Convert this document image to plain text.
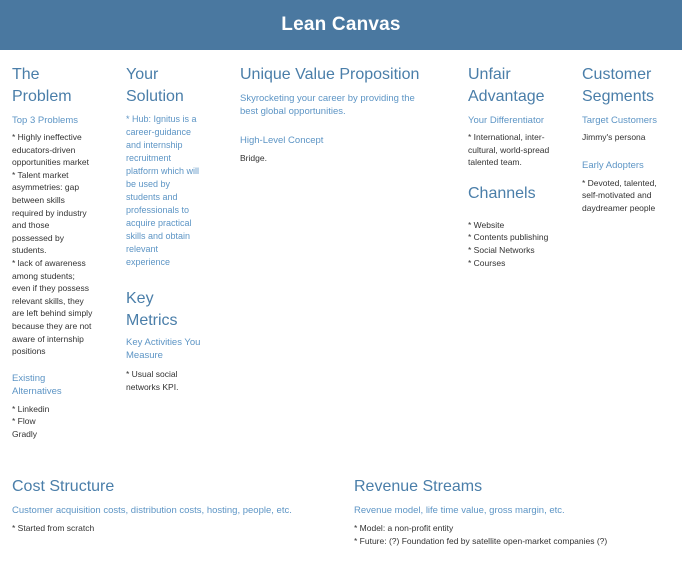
Lean Canvas
The
Problem
Top 3 Problems
* Highly ineffective
educators-driven
opportunities market
* Talent market
asymmetries: gap
between skills
required by industry
and those
possessed by
students.
* lack of awareness
among students;
even if they possess
relevant skills, they
are left behind simply
because they are not
aware of internship
positions
Existing
Alternatives
* Linkedin
* Flow
Gradly
Your
Solution
* Hub: Ignitus is a
career-guidance
and internship
recruitment
platform which will
be used by
students and
professionals to
acquire practical
skills and obtain
relevant
experience
Key
Metrics
Key Activities You
Measure
* Usual social
networks KPI.
Unique Value Proposition
Skyrocketing your career by providing the
best global opportunities.
High-Level Concept
Bridge.
Unfair
Advantage
Your Differentiator
* International, inter-
cultural, world-spread
talented team.
Channels
* Website
* Contents publishing
* Social Networks
* Courses
Customer
Segments
Target Customers
Jimmy's persona
Early Adopters
* Devoted, talented,
self-motivated and
daydreamer people
Cost Structure
Customer acquisition costs, distribution costs, hosting, people, etc.
* Started from scratch
Revenue Streams
Revenue model, life time value, gross margin, etc.
* Model: a non-profit entity
* Future: (?) Foundation fed by satellite open-market companies (?)
